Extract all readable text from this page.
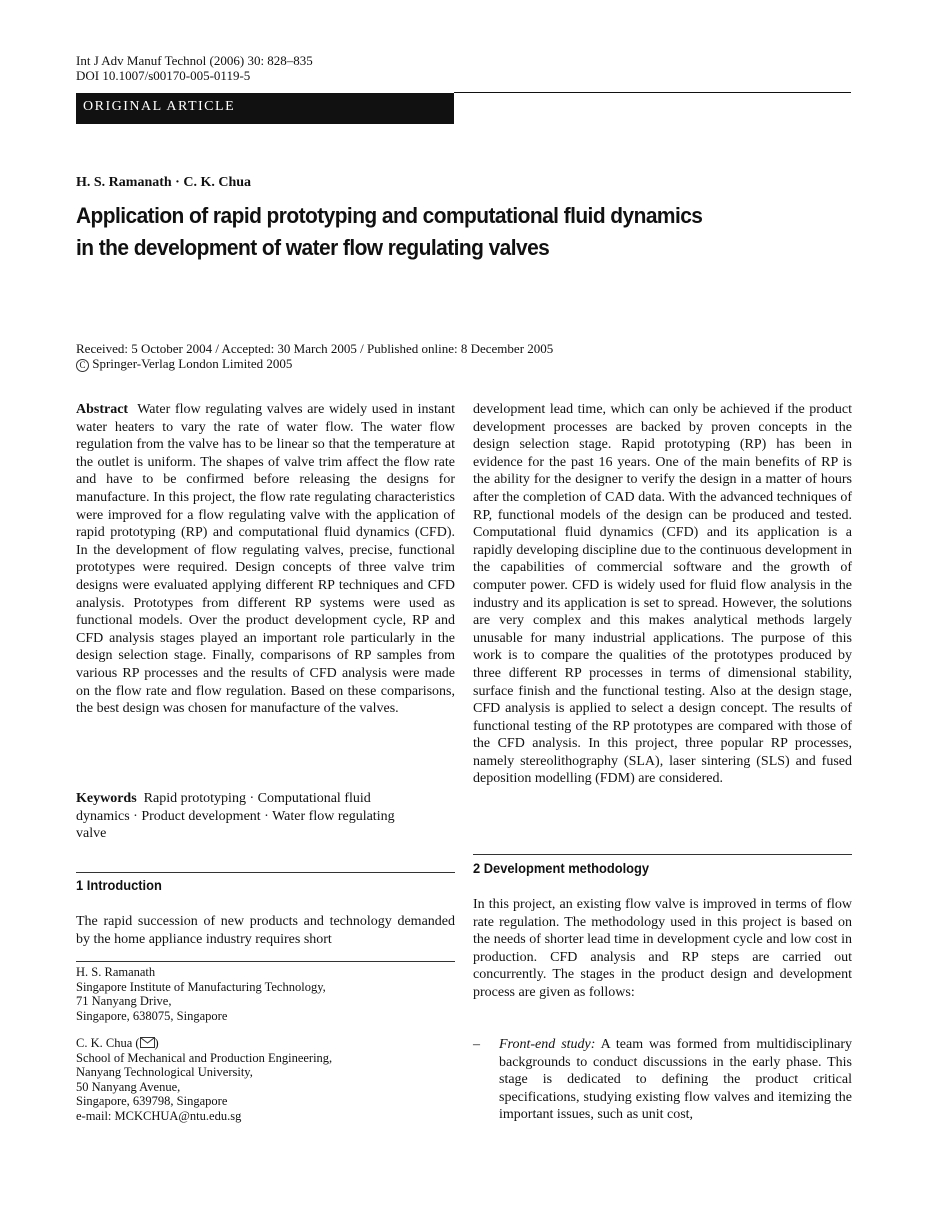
Int J Adv Manuf Technol (2006) 30: 828–835
DOI 10.1007/s00170-005-0119-5
ORIGINAL ARTICLE
H. S. Ramanath · C. K. Chua
Application of rapid prototyping and computational fluid dynamics
in the development of water flow regulating valves
Received: 5 October 2004 / Accepted: 30 March 2005 / Published online: 8 December 2005
C Springer-Verlag London Limited 2005
Abstract Water flow regulating valves are widely used in instant water heaters to vary the rate of water flow. The water flow regulation from the valve has to be linear so that the temperature at the outlet is uniform. The shapes of valve trim affect the flow rate and have to be confirmed before releasing the designs for manufacture. In this project, the flow rate regulating characteristics were improved for a flow regulating valve with the application of rapid prototyping (RP) and computational fluid dynamics (CFD). In the development of flow regulating valves, precise, functional prototypes were required. Design concepts of three valve trim designs were evaluated applying different RP techniques and CFD analysis. Prototypes from different RP systems were used as functional models. Over the product development cycle, RP and CFD analysis stages played an important role particularly in the design selection stage. Finally, comparisons of RP samples from various RP processes and the results of CFD analysis were made on the flow rate and flow regulation. Based on these comparisons, the best design was chosen for manufacture of the valves.
Keywords Rapid prototyping · Computational fluid
dynamics · Product development · Water flow regulating
valve
1 Introduction
The rapid succession of new products and technology demanded by the home appliance industry requires short
H. S. Ramanath
Singapore Institute of Manufacturing Technology,
71 Nanyang Drive,
Singapore, 638075, Singapore
C. K. Chua ( )
School of Mechanical and Production Engineering,
Nanyang Technological University,
50 Nanyang Avenue,
Singapore, 639798, Singapore
e-mail: MCKCHUA@ntu.edu.sg
development lead time, which can only be achieved if the product development processes are backed by proven concepts in the design selection stage. Rapid prototyping (RP) has been in evidence for the past 16 years. One of the main benefits of RP is the ability for the designer to verify the design in a matter of hours after the completion of CAD data. With the advanced techniques of RP, functional models of the design can be produced and tested. Computational fluid dynamics (CFD) and its application is a rapidly developing discipline due to the continuous development in the capabilities of commercial software and the growth of computer power. CFD is widely used for fluid flow analysis in the industry and its application is set to spread. However, the solutions are very complex and this makes analytical methods largely unusable for many industrial applications. The purpose of this work is to compare the qualities of the prototypes produced by three different RP processes in terms of dimensional stability, surface finish and the functional testing. Also at the design stage, CFD analysis is applied to select a design concept. The results of functional testing of the RP prototypes are compared with those of the CFD analysis. In this project, three popular RP processes, namely stereolithography (SLA), laser sintering (SLS) and fused deposition modelling (FDM) are considered.
2 Development methodology
In this project, an existing flow valve is improved in terms of flow rate regulation. The methodology used in this project is based on the needs of shorter lead time in development cycle and low cost in production. CFD analysis and RP steps are carried out concurrently. The stages in the product design and development process are given as follows:
– Front-end study: A team was formed from multidisciplinary backgrounds to conduct discussions in the early phase. This stage is dedicated to defining the product critical specifications, studying existing flow valves and itemizing the important issues, such as unit cost,
